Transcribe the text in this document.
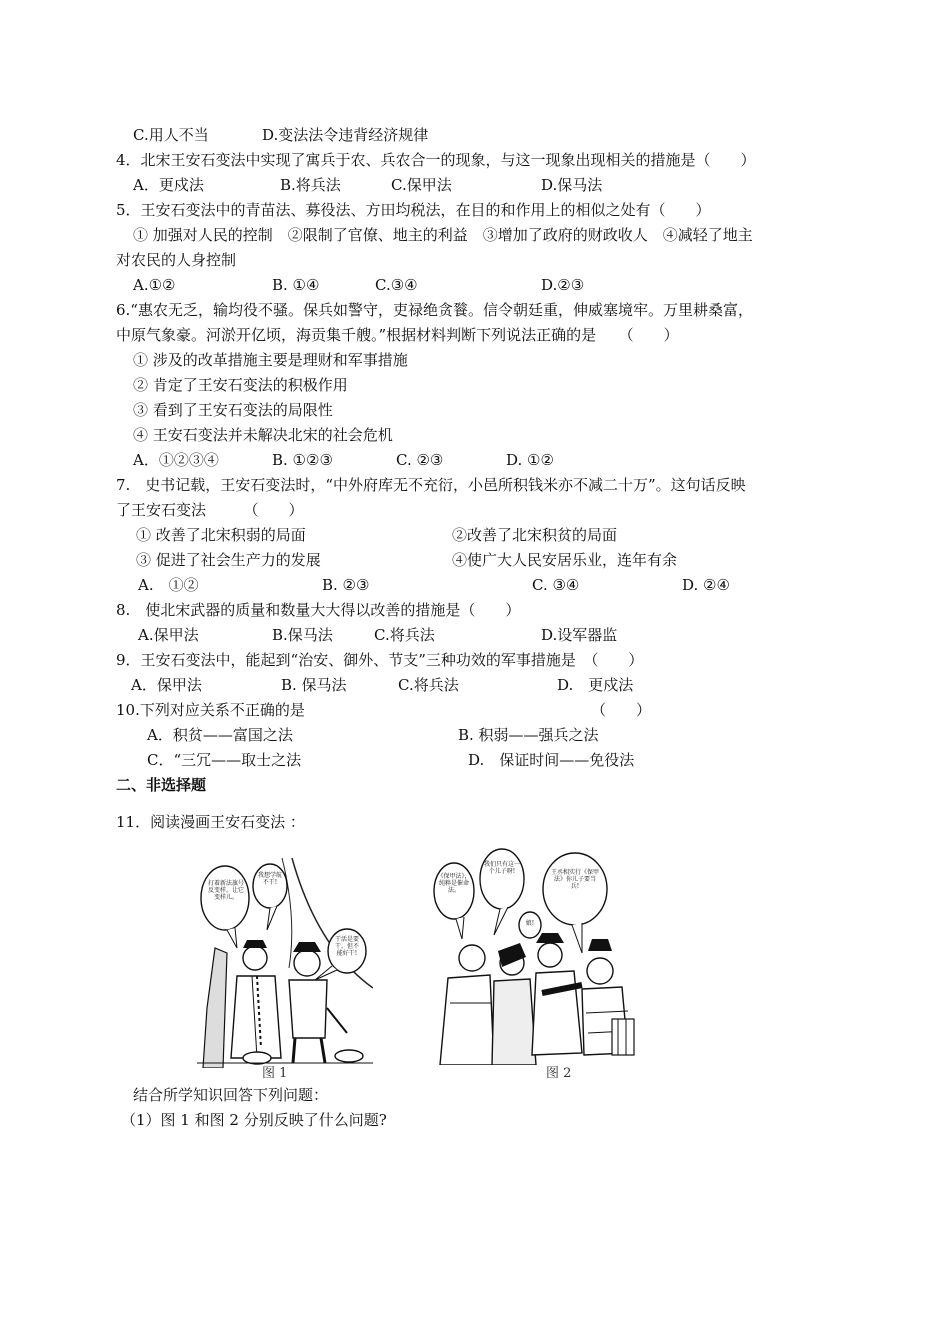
C.用人不当	D.变法法令违背经济规律
4．北宋王安石变法中实现了寓兵于农、兵农合一的现象，与这一现象出现相关的措施是（　　）
A．更戍法	B.将兵法	C.保甲法	D.保马法
5．王安石变法中的青苗法、募役法、方田均税法，在目的和作用上的相似之处有（　　）
① 加强对人民的控制　②限制了官僚、地主的利益　③增加了政府的财政收人　④减轻了地主
对农民的人身控制
A.①②	B. ①④	C.③④	D.②③
6.“惠农无乏，输均役不骚。保兵如警守，吏禄绝贪餮。信令朝廷重，伸威塞境牢。万里耕桑富，
中原气象豪。河淤开亿顷，海贡集千艘。”根据材料判断下列说法正确的是　　（　　）
① 涉及的改革措施主要是理财和军事措施
② 肯定了王安石变法的积极作用
③ 看到了王安石变法的局限性
④ 王安石变法并未解决北宋的社会危机
A．①②③④	B. ①②③	C. ②③	D. ①②
7.　史书记载，王安石变法时，“中外府库无不充衍，小邑所积钱米亦不减二十万”。这句话反映
了王安石变法　　　（　　）
① 改善了北宋积弱的局面	②改善了北宋积贫的局面
③ 促进了社会生产力的发展	④使广大人民安居乐业，连年有余
A.　①②	B. ②③	C. ③④	D. ②④
8.　使北宋武器的质量和数量大大得以改善的措施是（　　）
A.保甲法	B.保马法	C.将兵法	D.设军器监
9．王安石变法中，能起到“治安、御外、节支”三种功效的军事措施是　（　　）
A．保甲法	B. 保马法	C.将兵法	D.　更戍法
10.下列对应关系不正确的是	（　　）
A．积贫——富国之法	B. 积弱——强兵之法
C．“三冗——取士之法	D.　保证时间——免役法
二、非选择题
11．阅读漫画王安石变法 ：
打着新法旗号反变样，让它变样儿。
我想学航不干!
干活是要干，但不能好干!
图 1
《保甲法》，纯粹是催命法。
我们只有这一个儿子呀!	王丞相实行《保甲法》你儿子要当兵!
娘!
图 2
结合所学知识回答下列问题：
（1）图 1 和图 2 分别反映了什么问题?
